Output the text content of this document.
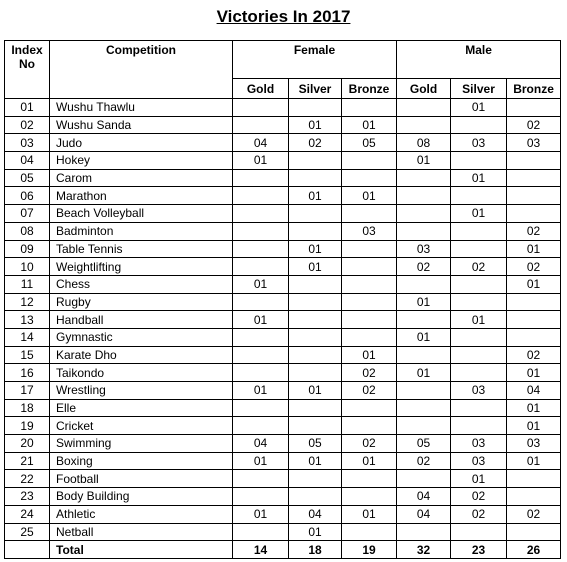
Victories In 2017
Index No	Competition	Female			Male		
		Gold	Silver	Bronze	Gold	Silver	Bronze
01	Wushu Thawlu					01	
02	Wushu Sanda		01	01			02
03	Judo	04	02	05	08	03	03
04	Hokey	01			01		
05	Carom					01	
06	Marathon		01	01			
07	Beach Volleyball					01	
08	Badminton			03			02
09	Table Tennis		01		03		01
10	Weightlifting		01		02	02	02
11	Chess	01					01
12	Rugby				01		
13	Handball	01				01	
14	Gymnastic				01		
15	Karate Dho			01			02
16	Taikondo			02	01		01
17	Wrestling	01	01	02		03	04
18	Elle						01
19	Cricket						01
20	Swimming	04	05	02	05	03	03
21	Boxing	01	01	01	02	03	01
22	Football					01	
23	Body Building				04	02	
24	Athletic	01	04	01	04	02	02
25	Netball		01				
	Total	14	18	19	32	23	26
